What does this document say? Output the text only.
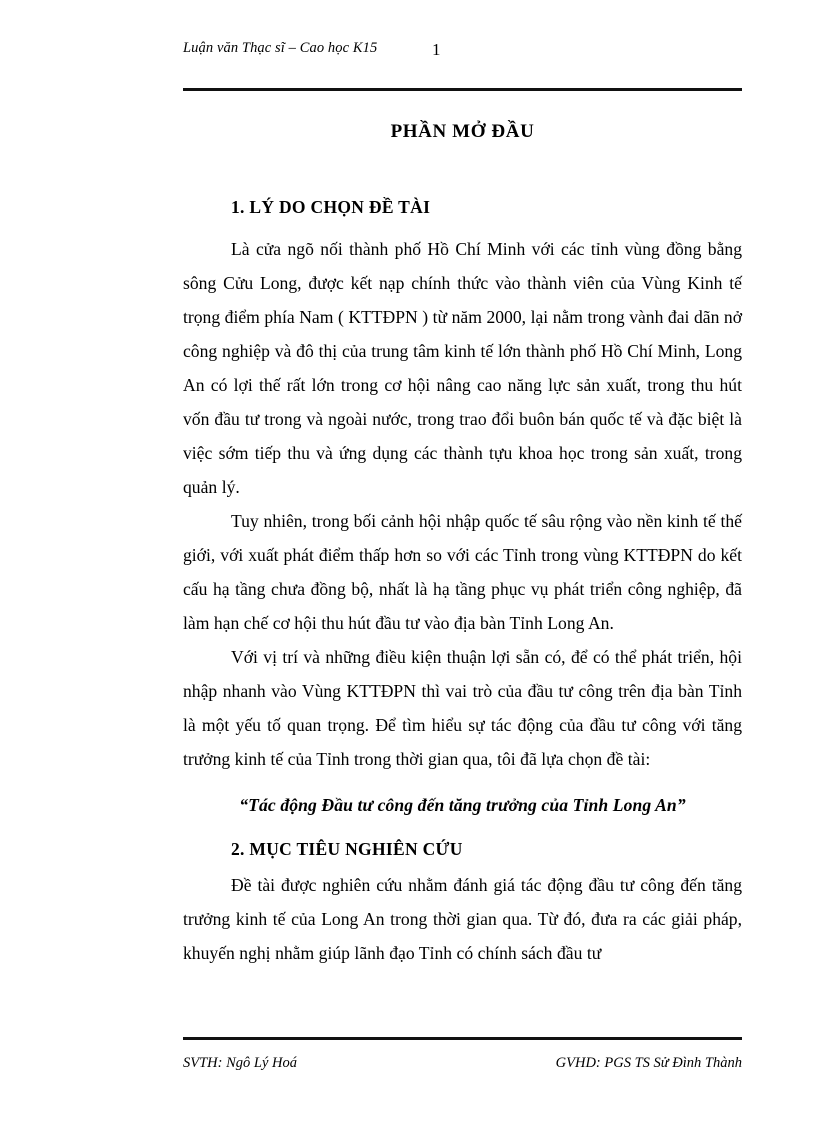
Luận văn Thạc sĩ – Cao học K15	1
PHẦN MỞ ĐẦU
1. LÝ DO CHỌN ĐỀ TÀI

Là cửa ngõ nối thành phố Hồ Chí Minh với các tỉnh vùng đồng bằng sông Cửu Long, được kết nạp chính thức vào thành viên của Vùng Kinh tế trọng điểm phía Nam ( KTTĐPN ) từ năm 2000, lại nằm trong vành đai dãn nở công nghiệp và đô thị của trung tâm kinh tế lớn thành phố Hồ Chí Minh, Long An có lợi thế rất lớn trong cơ hội nâng cao năng lực sản xuất, trong thu hút vốn đầu tư trong và ngoài nước, trong trao đổi buôn bán quốc tế và đặc biệt là việc sớm tiếp thu và ứng dụng các thành tựu khoa học trong sản xuất, trong quản lý.

Tuy nhiên, trong bối cảnh hội nhập quốc tế sâu rộng vào nền kinh tế thế giới, với xuất phát điểm thấp hơn so với các Tỉnh trong vùng KTTĐPN do kết cấu hạ tầng chưa đồng bộ, nhất là hạ tầng phục vụ phát triển công nghiệp, đã làm hạn chế cơ hội thu hút đầu tư vào địa bàn Tỉnh Long An.

Với vị trí và những điều kiện thuận lợi sẵn có, để có thể phát triển, hội nhập nhanh vào Vùng KTTĐPN thì vai trò của đầu tư công trên địa bàn Tỉnh là một yếu tố quan trọng. Để tìm hiểu sự tác động của đầu tư công với tăng trưởng kinh tế của Tỉnh trong thời gian qua, tôi đã lựa chọn đề tài:

“Tác động Đầu tư công đến tăng trưởng của Tỉnh Long An”
2. MỤC TIÊU NGHIÊN CỨU

Đề tài được nghiên cứu nhằm đánh giá tác động đầu tư công đến tăng trưởng kinh tế của Long An trong thời gian qua. Từ đó, đưa ra các giải pháp, khuyến nghị nhằm giúp lãnh đạo Tỉnh có chính sách đầu tư

SVTH: Ngô Lý Hoá	GVHD: PGS TS Sử Đình Thành
